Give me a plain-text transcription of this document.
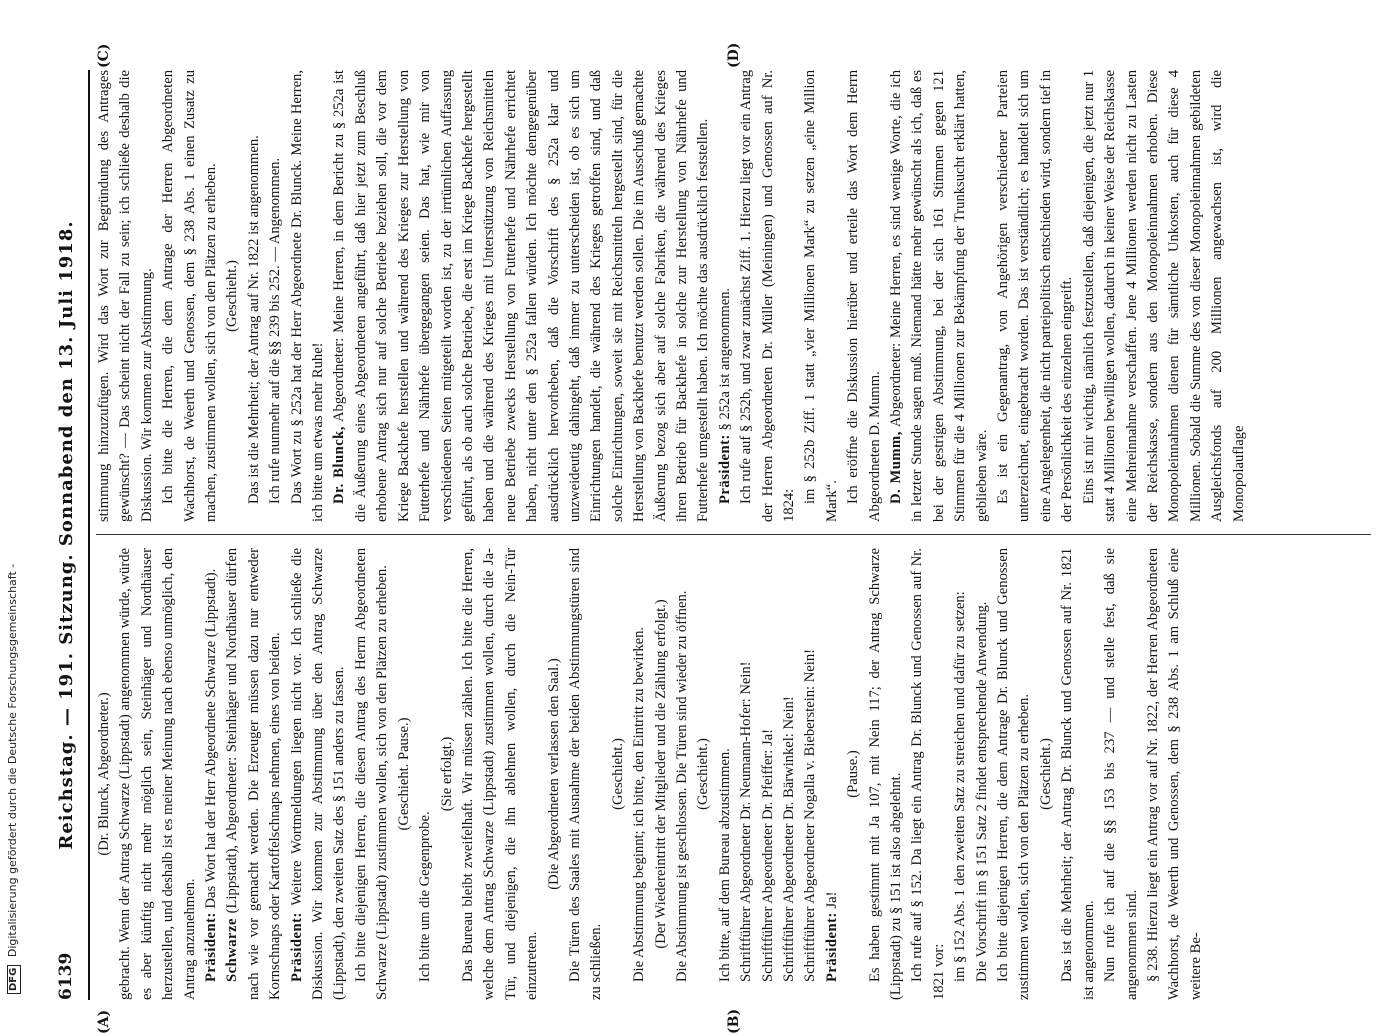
6139
Reichstag. — 191. Sitzung. Sonnabend den 13. Juli 1918. (Dr. Blunck, Abgeordneter.) gebracht. Wenn der Antrag Schwarze (Lippstadt) angenommen würde, würde es aber künftig nicht mehr möglich sein, Steinhäger und Nordhäuser herzustellen, und deshalb ist es meiner Meinung nach ebenso unmöglich, den Antrag anzunehmen. Präsident: Das Wort hat der Herr Abgeordnete Schwarze (Lippstadt).

Schwarze (Lippstadt), Abgeordneter: Steinhäger und Nordhäuser dürfen nach wie vor gemacht werden. Die Erzeuger müssen dazu nur entweder Kornschnaps oder Kartoffelschnaps nehmen, eines von beiden. Präsident: Weitere Wortmeldungen liegen nicht vor. Ich schließe die Diskussion. Wir kommen zur Abstimmung über den Antrag Schwarze (Lippstadt), den zweiten Satz des § 151 anders zu fassen. Ich bitte diejenigen Herren, die diesen Antrag des Herrn Abgeordneten Schwarze (Lippstadt) zustimmen wollen, sich von den Plätzen zu erheben. (Geschieht. Pause.)

Ich bitte um die Gegenprobe.

(Sie erfolgt.) Das Bureau bleibt zweifelhaft. Wir müssen zählen. Ich bitte die Herren, welche dem Antrag Schwarze (Lippstadt) zustimmen wollen, durch die Ja-Tür, und diejenigen, die ihn ablehnen wollen, durch die Nein-Tür einzutreten.

(Die Abgeordneten verlassen den Saal.) Die Türen des Saales mit Ausnahme der beiden Abstimmungstüren sind zu schließen.

(Geschieht.) Die Abstimmung beginnt; ich bitte, den Eintritt zu bewirken. (Der Wiedereintritt der Mitglieder und die Zählung erfolgt.) Die Abstimmung ist geschlossen. Die Türen sind wieder zu öffnen. (Geschieht.) Ich bitte, auf dem Bureau abzustimmen. Schriftführer Abgeordneter Dr. Neumann-Hofer: Nein! Schriftführer Abgeordneter Dr. Pfeiffer: Ja! Schriftführer Abgeordneter Dr. Bärwinkel: Nein! Schriftführer Abgeordneter Nogalla v. Bieberstein: Nein! Präsident: Ja!

(Pause.) Es haben gestimmt mit Ja 107, mit Nein 117; der Antrag Schwarze (Lippstadt) zu § 151 ist also abgelehnt. Ich rufe auf § 152. Da liegt ein Antrag Dr. Blunck und Genossen auf Nr. 1821 vor: im § 152 Abs. 1 den zweiten Satz zu streichen und dafür zu setzen: Die Vorschrift im § 151 Satz 2 findet entsprechende Anwendung. Ich bitte diejenigen Herren, die dem Antrage Dr. Blunck und Genossen zustimmen wollen, sich von den Plätzen zu erheben. (Geschieht.) Das ist die Mehrheit; der Antrag Dr. Blunck und Genossen auf Nr. 1821 ist angenommen. Nun rufe ich auf die §§ 153 bis 237 — und stelle fest, daß sie angenommen sind. § 238. Hierzu liegt ein Antrag vor auf Nr. 1822, der Herren Abgeordneten Wachhorst, de Weerth und Genossen, dem § 238 Abs. 1 am Schluß eine weitere Be-

stimmung hinzuzufügen. Wird das Wort zur Begründung des Antrages gewünscht? — Das scheint nicht der Fall zu sein; ich schließe deshalb die Diskussion. Wir kommen zur Abstimmung. Ich bitte die Herren, die dem Antrage der Herren Abgeordneten Wachhorst, de Weerth und Genossen, dem § 238 Abs. 1 einen Zusatz zu machen, zustimmen wollen, sich von den Plätzen zu erheben. (Geschieht.) Das ist die Mehrheit; der Antrag auf Nr. 1822 ist angenommen. Ich rufe nunmehr auf die §§ 239 bis 252. — Angenommen. Das Wort zu § 252a hat der Herr Abgeordnete Dr. Blunck. Meine Herren, ich bitte um etwas mehr Ruhe! Dr. Blunck, Abgeordneter: Meine Herren, in dem Bericht zu § 252a ist die Äußerung eines Abgeordneten angeführt, daß hier jetzt zum Beschluß erhobene Antrag sich nur auf solche Betriebe beziehen soll, die vor dem Kriege Backhefe herstellen und während des Krieges zur Herstellung von Futterhefe und Nährhefe übergegangen seien. Das hat, wie mir von verschiedenen Seiten mitgeteilt worden ist, zu der irrtümlichen Auffassung geführt, als ob auch solche Betriebe, die erst im Kriege Backhefe hergestellt haben und die während des Krieges mit Unterstützung von Reichsmitteln neue Betriebe zwecks Herstellung von Futterhefe und Nährhefe errichtet haben, nicht unter den § 252a fallen würden. Ich möchte demgegenüber ausdrücklich hervorheben, daß die Vorschrift des § 252a klar und unzweideutig dahingeht, daß immer zu unterscheiden ist, ob es sich um Einrichtungen handelt, die während des Krieges getroffen sind, und daß solche Einrichtungen, soweit sie mit Reichsmitteln hergestellt sind, für die Herstellung von Backhefe benutzt werden sollen. Die im Ausschuß gemachte Äußerung bezog sich aber auf solche Fabriken, die während des Krieges ihren Betrieb für Backhefe in solche zur Herstellung von Nährhefe und Futterhefe umgestellt haben. Ich möchte das ausdrücklich feststellen. Präsident: § 252a ist angenommen. Ich rufe auf § 252b, und zwar zunächst Ziff. 1. Hierzu liegt vor ein Antrag der Herren Abgeordneten Dr. Müller (Meiningen) und Genossen auf Nr. 1824:

im § 252b Ziff. 1 statt „vier Millionen Mark“ zu setzen „eine Million Mark“. Ich eröffne die Diskussion hierüber und erteile das Wort dem Herrn Abgeordneten D. Mumm. D. Mumm, Abgeordneter: Meine Herren, es sind wenige Worte, die ich in letzter Stunde sagen muß. Niemand hätte mehr gewünscht als ich, daß es bei der gestrigen Abstimmung, bei der sich 161 Stimmen gegen 121 Stimmen für die 4 Millionen zur Bekämpfung der Trunksucht erklärt hatten, geblieben wäre. Es ist ein Gegenantrag, von Angehörigen verschiedener Parteien unterzeichnet, eingebracht worden. Das ist verständlich; es handelt sich um eine Angelegenheit, die nicht parteipolitisch entschieden wird, sondern tief in der Persönlichkeit des einzelnen eingreift. Eins ist mir wichtig, nämlich festzustellen, daß diejenigen, die jetzt nur 1 statt 4 Millionen bewilligen wollen, dadurch in keiner Weise der Reichskasse eine Mehreinnahme verschaffen. Jene 4 Millionen werden nicht zu Lasten der Reichskasse, sondern aus den Monopoleinnahmen erhoben. Diese Monopoleinnahmen dienen für sämtliche Unkosten, auch für diese 4 Millionen. Sobald die Summe des von dieser Monopoleinnahmen gebildeten Ausgleichsfonds auf 200 Millionen angewachsen ist, wird die Monopolauflage

(A)	(B)
(C)	(D)
DFG Digitalisierung gefördert durch die Deutsche Forschungsgemeinschaft -
